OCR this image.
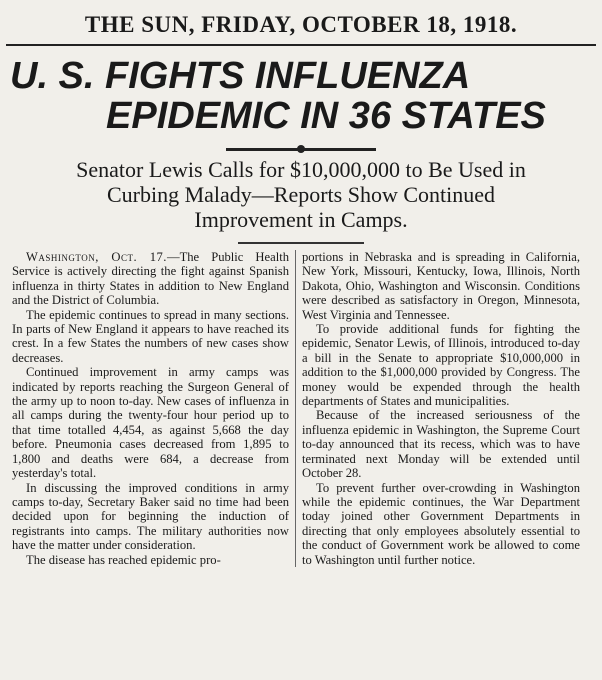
THE SUN, FRIDAY, OCTOBER 18, 1918.
U. S. FIGHTS INFLUENZA
EPIDEMIC IN 36 STATES
Senator Lewis Calls for $10,000,000 to Be Used in
Curbing Malady—Reports Show Continued
Improvement in Camps.

Washington, Oct. 17.—The Public Health Service is actively directing the fight against Spanish influenza in thirty States in addition to New England and the District of Columbia.

The epidemic continues to spread in many sections. In parts of New England it appears to have reached its crest. In a few States the numbers of new cases show decreases.

Continued improvement in army camps was indicated by reports reaching the Surgeon General of the army up to noon to-day. New cases of influenza in all camps during the twenty-four hour period up to that time totalled 4,454, as against 5,668 the day before. Pneumonia cases decreased from 1,895 to 1,800 and deaths were 684, a decrease from yesterday's total.

In discussing the improved conditions in army camps to-day, Secretary Baker said no time had been decided upon for beginning the induction of registrants into camps. The military authorities now have the matter under consideration.

The disease has reached epidemic pro-

portions in Nebraska and is spreading in California, New York, Missouri, Kentucky, Iowa, Illinois, North Dakota, Ohio, Washington and Wisconsin. Conditions were described as satisfactory in Oregon, Minnesota, West Virginia and Tennessee.

To provide additional funds for fighting the epidemic, Senator Lewis, of Illinois, introduced to-day a bill in the Senate to appropriate $10,000,000 in addition to the $1,000,000 provided by Congress. The money would be expended through the health departments of States and municipalities.

Because of the increased seriousness of the influenza epidemic in Washington, the Supreme Court to-day announced that its recess, which was to have terminated next Monday will be extended until October 28.

To prevent further over-crowding in Washington while the epidemic continues, the War Department today joined other Government Departments in directing that only employees absolutely essential to the conduct of Government work be allowed to come to Washington until further notice.
